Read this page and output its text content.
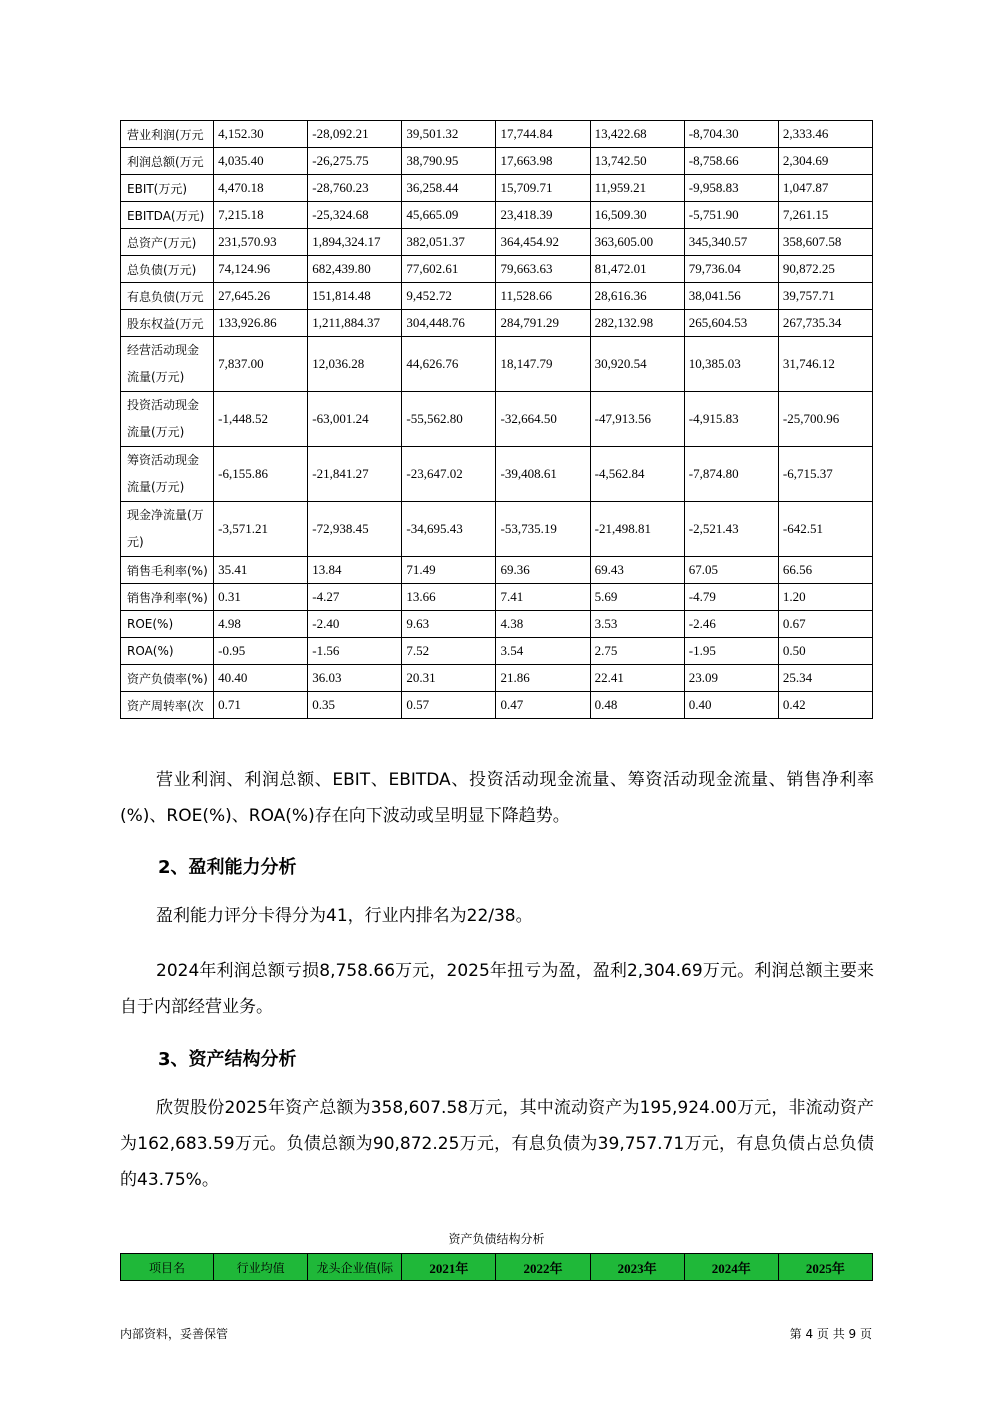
营业利润(万元	4,152.30	-28,092.21	39,501.32	17,744.84	13,422.68	-8,704.30	2,333.46
利润总额(万元	4,035.40	-26,275.75	38,790.95	17,663.98	13,742.50	-8,758.66	2,304.69
EBIT(万元)	4,470.18	-28,760.23	36,258.44	15,709.71	11,959.21	-9,958.83	1,047.87
EBITDA(万元)	7,215.18	-25,324.68	45,665.09	23,418.39	16,509.30	-5,751.90	7,261.15
总资产(万元)	231,570.93	1,894,324.17	382,051.37	364,454.92	363,605.00	345,340.57	358,607.58
总负债(万元)	74,124.96	682,439.80	77,602.61	79,663.63	81,472.01	79,736.04	90,872.25
有息负债(万元	27,645.26	151,814.48	9,452.72	11,528.66	28,616.36	38,041.56	39,757.71
股东权益(万元	133,926.86	1,211,884.37	304,448.76	284,791.29	282,132.98	265,604.53	267,735.34
经营活动现金流量(万元)	7,837.00	12,036.28	44,626.76	18,147.79	30,920.54	10,385.03	31,746.12
投资活动现金流量(万元)	-1,448.52	-63,001.24	-55,562.80	-32,664.50	-47,913.56	-4,915.83	-25,700.96
筹资活动现金流量(万元)	-6,155.86	-21,841.27	-23,647.02	-39,408.61	-4,562.84	-7,874.80	-6,715.37
现金净流量(万元)	-3,571.21	-72,938.45	-34,695.43	-53,735.19	-21,498.81	-2,521.43	-642.51
销售毛利率(%)	35.41	13.84	71.49	69.36	69.43	67.05	66.56
销售净利率(%)	0.31	-4.27	13.66	7.41	5.69	-4.79	1.20
ROE(%)	4.98	-2.40	9.63	4.38	3.53	-2.46	0.67
ROA(%)	-0.95	-1.56	7.52	3.54	2.75	-1.95	0.50
资产负债率(%)	40.40	36.03	20.31	21.86	22.41	23.09	25.34
资产周转率(次	0.71	0.35	0.57	0.47	0.48	0.40	0.42
营业利润、利润总额、EBIT、EBITDA、投资活动现金流量、筹资活动现金流量、销售净利率(%)、ROE(%)、ROA(%)存在向下波动或呈明显下降趋势。
2、盈利能力分析
盈利能力评分卡得分为41，行业内排名为22/38。
2024年利润总额亏损8,758.66万元，2025年扭亏为盈，盈利2,304.69万元。利润总额主要来自于内部经营业务。
3、资产结构分析
欣贺股份2025年资产总额为358,607.58万元，其中流动资产为195,924.00万元，非流动资产为162,683.59万元。负债总额为90,872.25万元，有息负债为39,757.71万元，有息负债占总负债的43.75%。
资产负债结构分析
项目名	行业均值	龙头企业值(际	2021年	2022年	2023年	2024年	2025年
内部资料，妥善保管	第 4 页 共 9 页
